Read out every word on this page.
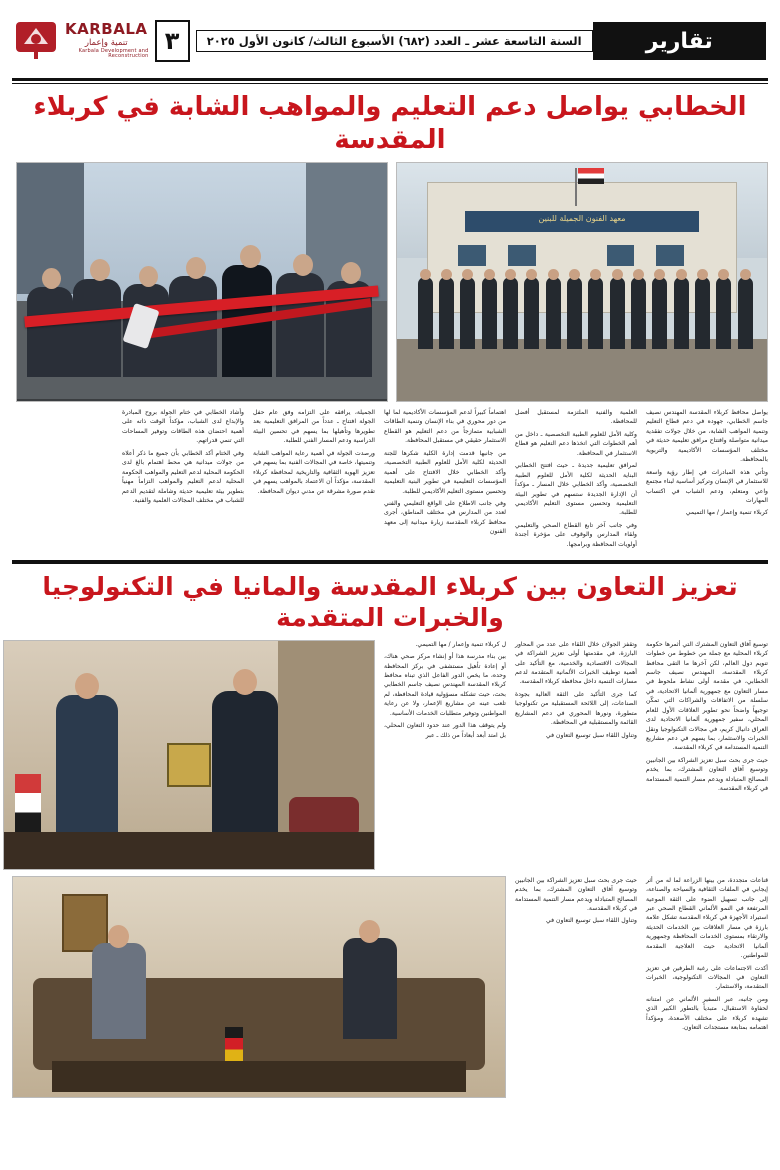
تقارير
السنة التاسعة عشر ـ العدد (٦٨٢) الأسبوع الثالث/ كانون الأول ٢٠٢٥
٣
KARBALA
تنمية وإعمار
Karbala Development and Reconstruction
الخطابي يواصل دعم التعليم والمواهب الشابة في كربلاء المقدسة
معهد الفنون الجميلة للبنين

يواصل محافظ كربلاء المقدسة المهندس نصيف جاسم الخطابي، جهوده في دعم قطاع التعليم وتنمية المواهب الشابة، من خلال جولات تفقدية ميدانية متواصلة وافتتاح مرافق تعليمية حديثة في مختلف المؤسسات الأكاديمية والتربوية بالمحافظة.

وتأتي هذه المبادرات في إطار رؤية واسعة للاستثمار في الإنسان وتركيز أساسية لبناء مجتمع واعي ومتعلم، ودعم الشباب في اكتساب المهارات

كربلاء تنمية وإعمار / مها التميمي

العلمية والفنية الملتزمة لمستقبل أفضل للمحافظة.

وكلية الأمل للعلوم الطبية التخصصية ـ داخل من أهم الخطوات التي اتخذها دعم التعليم هو قطاع الاستثمار في المحافظة.

لمرافق تعليمية جديدة ـ حيث افتتح الخطابي البناية الحديثة لكلية الأمل للعلوم الطبية التخصصية، وأكد الخطابي خلال المسار ـ مؤكداً أن الإدارة الجديدة ستسهم في تطوير البيئة التعليمية وتحسين مستوى التعليم الأكاديمي للطلبة.

وفي جانب آخر تابع القطاع الصحي والتعليمي ولقاء المدارس والوقوف على مؤخرة أجندة أولويات المحافظة وبرامجها.

اهتماماً كبيراً لدعم المؤسسات الأكاديمية لما لها من دور محوري في بناء الإنسان وتنمية الطاقات الشبابية متمازجاً من دعم التعليم هو القطاع الاستثمار حقيقي في مستقبل المحافظة.

من جانبها قدمت إدارة الكلية شكرها للجنة الحديثة لكلية الأمل للعلوم الطبية التخصصية، وأكد الخطابي خلال الافتتاح على أهمية المؤسسات التعليمية في تطوير البنية التعليمية وتحسين مستوى التعليم الأكاديمي للطلبة.

وفي جانب الاطلاع على الواقع التعليمي والفني لعدد من المدارس في مختلف المناطق، أجرى محافظ كربلاء المقدسة زيارة ميدانية إلى معهد الفنون

الجميلة، يرافقه على التزامه وفق عام حفل الجولة افتتاح ـ عدداً من المرافق التعليمية بعد تطويرها وتأهيلها بما يسهم في تحسين البيئة الدراسية ودعم المسار الفني للطلبة.

ورصدت الجولة في أهمية رعاية المواهب الشابة وتنميتها، خاصة في المجالات الفنية بما يسهم في تعزيز الهوية الثقافية والتاريخية لمحافظة كربلاء المقدسة، مؤكداً أن الاعتماد بالمواهب يسهم في تقدم صورة مشرقة عن مدني ديوان المحافظة.

وأشاد الخطابي في ختام الجولة بروح المبادرة والإبداع لدى الشباب، مؤكداً الوقت ذاته على أهمية احتضان هذه الطاقات وتوفير المساحات التي تنمي قدراتهم.

وفي الختام أكد الخطابي بأن جميع ما ذكر أعلاه من جولات ميدانية هي محط اهتمام بالغ لدى الحكومة المحلية لدعم التعليم والمواهب الحكومة المحلية لدعم التعليم والمواهب التزاماً مهنياً بتطوير بيئة تعليمية حديثة وشاملة لتقديم الدعم للشباب في مختلف المجالات العلمية والفنية.

تعزيز التعاون بين كربلاء المقدسة والمانيا في التكنولوجيا والخبرات المتقدمة

توسيع آفاق التعاون المشترك التي أثمرها حكومة كربلاء المحلية مع جملة من خطوط من خطوات تنويم دول العالم، لكن آخرها ما التقى محافظ كربلاء المقدسة، المهندس نصيف جاسم الخطابي، في مقدمة أولى نشاط ملحوظ في مسار التعاون مع جمهورية ألمانيا الاتحادية، في سلسلة من الاتفاقات والشراكات التي تمكّن توجيهاً واضحاً نحو تطوير العلاقات الأول للعام المحلي، سفير جمهورية ألمانيا الاتحادية لدى العراق دانيال كريم، في مجالات التكنولوجيا ونقل الخبرات والاستثمار، بما يسهم في دعم مشاريع التنمية المستدامة في كربلاء المقدسة.

حيث جرى بحث سبل تعزيز الشراكة بين الجانبين وتوسيع آفاق التعاون المشترك، بما يخدم المصالح المتبادلة ويدعم مسار التنمية المستدامة في كربلاء المقدسة.

وتقفز الجولان خلال اللقاء على عدد من المحاور البارزة، في مقدمتها أولى تعزيز الشراكة في المجالات الاقتصادية والخدمية، مع التأكيد على أهمية توظيف الخبرات الألمانية المتقدمة لدعم مسارات التنمية داخل محافظة كربلاء المقدسة.

كما جرى التأكيد على الثقة العالية بجودة الصناعات، إلى اللائحة المستقبلية من تكنولوجيا متطورة، ونورها المحوري في دعم المشاريع القائمة والمستقبلية في المحافظة.

وتناول اللقاء سبل توسيع التعاون في

ل كربلاء تنمية وإعمار / مها التميمي.

بين بناء مدرسة هذا أو إنشاء مركز صحي هناك، أو إعادة تأهيل مستشفى في بركز المحافظة وحده، ما يخص الدور الفاعل الذي تبناه محافظ كربلاء المقدسة المهندس نصيف جاسم الخطابي بحث، حيث تشكله مسؤولية قيادة المحافظة، لم تلعب عينه عن مشاريع الإعمار، ولا عن رعاية المواطنين وتوفير متطلبات الخدمات الأساسية.

ولم يتوقف هذا الدور عند حدود التعاون المحلي، بل امتد أبعد أبعاداً من ذلك ـ عبر

قناعات متجددة، من بينها الزراعة لما له من أثر إيجابي في الملفات الثقافية والسياحة والصناعة، إلى جانب تسهيل الضوء على الثقة الموعية المرتفعة في النمو الألماني القطاع الصحي عبر استيراد الأجهزة في كربلاء المقدسة تشكل علامة بارزة في مسار العلاقات بين الخدمات الحديثة والارتقاء بمستوى الخدمات المحافظة وجمهورية ألمانيا الاتحادية حيث العلاجية المقدمة للمواطنين.

أكدت الاجتماعات على رغبة الطرفين في تعزيز التعاون في المجالات التكنولوجية، الخبرات المتقدمة، والاستثمار.

ومن جانبه، عبر السفير الألماني عن امتنانه لحفاوة الاستقبال، متبدياً بالتطور الكبير الذي تشهده كربلاء على مختلف الأصعدة، ومؤكداً اهتمامه بمتابعة مستجدات التعاون.

حيث جرى بحث سبل تعزيز الشراكة بين الجانبين وتوسيع آفاق التعاون المشترك، بما يخدم المصالح المتبادلة ويدعم مسار التنمية المستدامة في كربلاء المقدسة.

وتناول اللقاء سبل توسيع التعاون في
